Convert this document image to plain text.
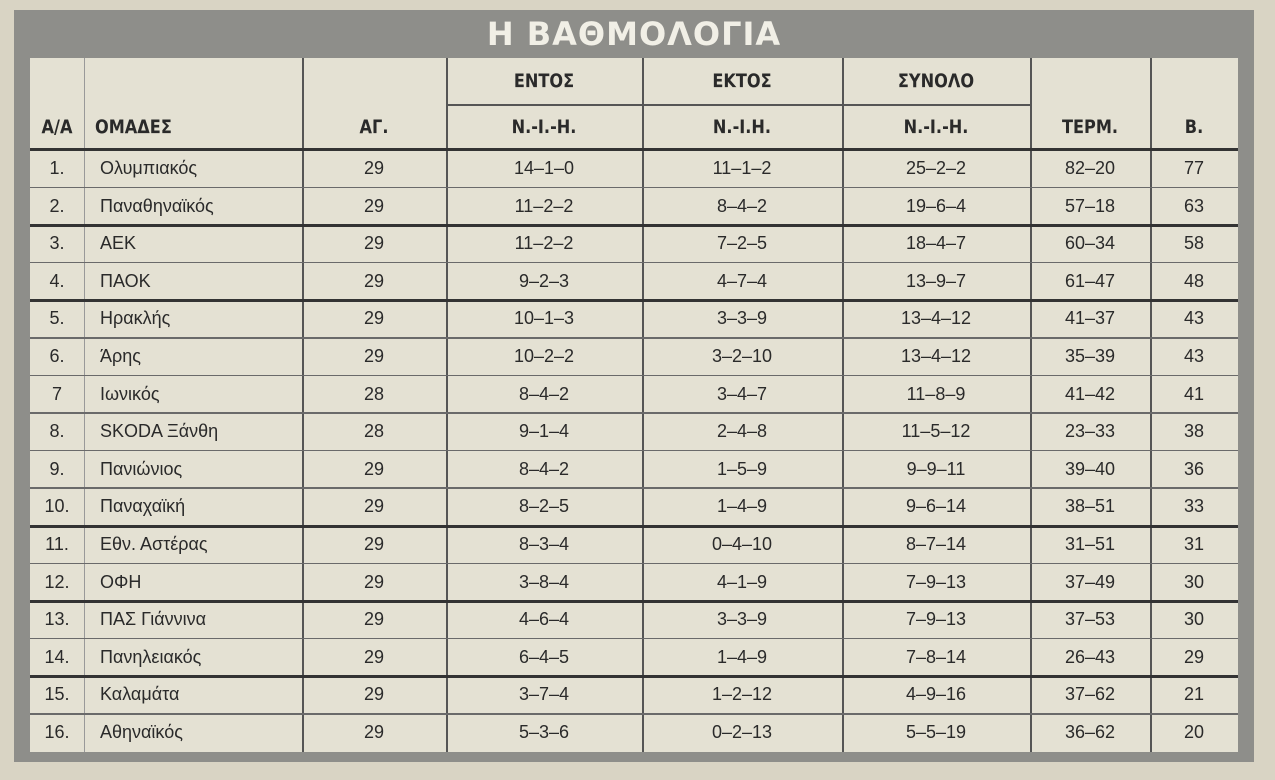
Η ΒΑΘΜΟΛΟΓΙΑ
Α/Α	ΟΜΑΔΕΣ	ΑΓ.
ΕΝΤΟΣ	ΕΚΤΟΣ	ΣΥΝΟΛΟ
Ν.-Ι.-Η.	Ν.-Ι.Η.	Ν.-Ι.-Η.	ΤΕΡΜ.	Β.
1.	Ολυμπιακός	29	14–1–0	11–1–2	25–2–2	82–20	77
2.	Παναθηναϊκός	29	11–2–2	8–4–2	19–6–4	57–18	63
3.	ΑΕΚ	29	11–2–2	7–2–5	18–4–7	60–34	58
4.	ΠΑΟΚ	29	9–2–3	4–7–4	13–9–7	61–47	48
5.	Ηρακλής	29	10–1–3	3–3–9	13–4–12	41–37	43
6.	Άρης	29	10–2–2	3–2–10	13–4–12	35–39	43
7	Ιωνικός	28	8–4–2	3–4–7	11–8–9	41–42	41
8.	SKODA Ξάνθη	28	9–1–4	2–4–8	11–5–12	23–33	38
9.	Πανιώνιος	29	8–4–2	1–5–9	9–9–11	39–40	36
10.	Παναχαϊκή	29	8–2–5	1–4–9	9–6–14	38–51	33
11.	Εθν. Αστέρας	29	8–3–4	0–4–10	8–7–14	31–51	31
12.	ΟΦΗ	29	3–8–4	4–1–9	7–9–13	37–49	30
13.	ΠΑΣ Γιάννινα	29	4–6–4	3–3–9	7–9–13	37–53	30
14.	Πανηλειακός	29	6–4–5	1–4–9	7–8–14	26–43	29
15.	Καλαμάτα	29	3–7–4	1–2–12	4–9–16	37–62	21
16.	Αθηναϊκός	29	5–3–6	0–2–13	5–5–19	36–62	20
